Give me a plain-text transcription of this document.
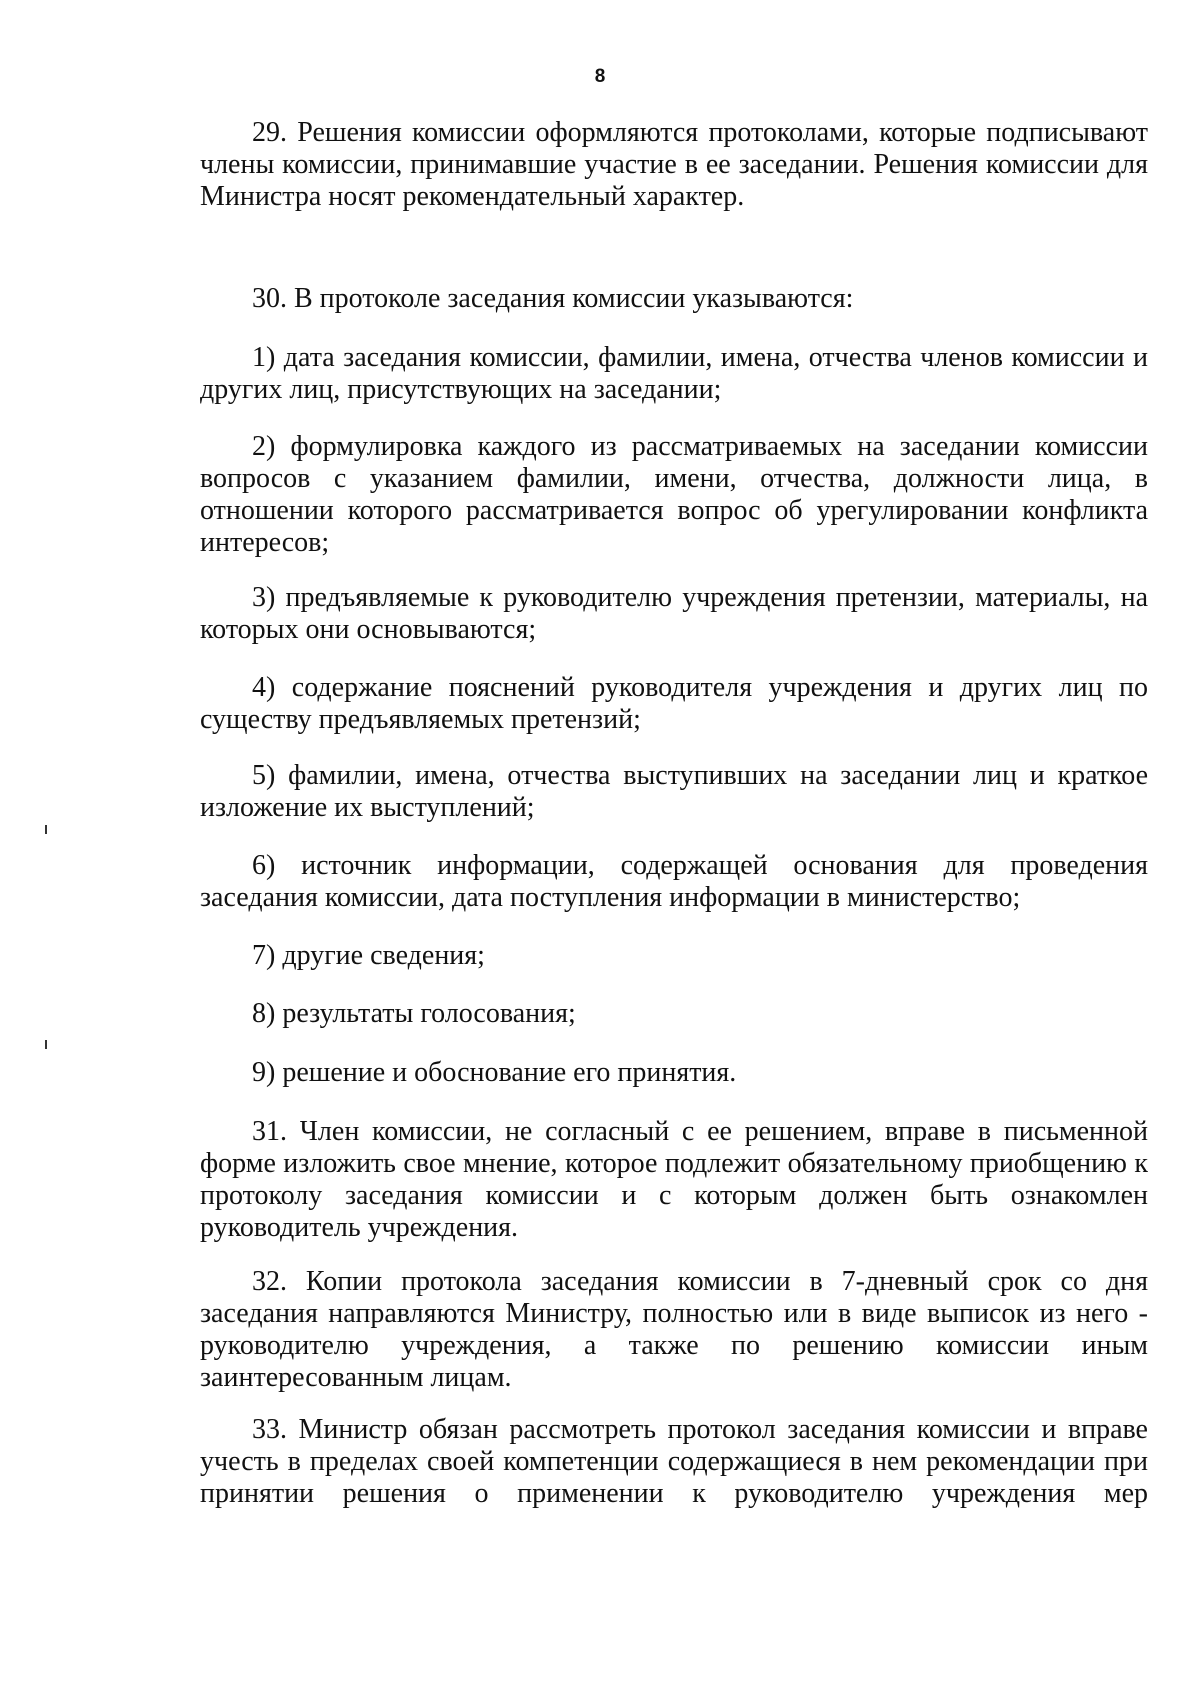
8

29. Решения комиссии оформляются протоколами, которые подписывают члены комиссии, принимавшие участие в ее заседании. Решения комиссии для Министра носят рекомендательный характер.

30. В протоколе заседания комиссии указываются:

1) дата заседания комиссии, фамилии, имена, отчества членов комиссии и других лиц, присутствующих на заседании;

2) формулировка каждого из рассматриваемых на заседании комиссии вопросов с указанием фамилии, имени, отчества, должности лица, в отношении которого рассматривается вопрос об урегулировании конфликта интересов;

3) предъявляемые к руководителю учреждения претензии, материалы, на которых они основываются;

4) содержание пояснений руководителя учреждения и других лиц по существу предъявляемых претензий;

5) фамилии, имена, отчества выступивших на заседании лиц и краткое изложение их выступлений;

6) источник информации, содержащей основания для проведения заседания комиссии, дата поступления информации в министерство;

7) другие сведения;

8) результаты голосования;

9) решение и обоснование его принятия.

31. Член комиссии, не согласный с ее решением, вправе в письменной форме изложить свое мнение, которое подлежит обязательному приобщению к протоколу заседания комиссии и с которым должен быть ознакомлен руководитель учреждения.

32. Копии протокола заседания комиссии в 7-дневный срок со дня заседания направляются Министру, полностью или в виде выписок из него - руководителю учреждения, а также по решению комиссии иным заинтересованным лицам.

33. Министр обязан рассмотреть протокол заседания комиссии и вправе учесть в пределах своей компетенции содержащиеся в нем рекомендации при принятии решения о применении к руководителю учреждения мер
